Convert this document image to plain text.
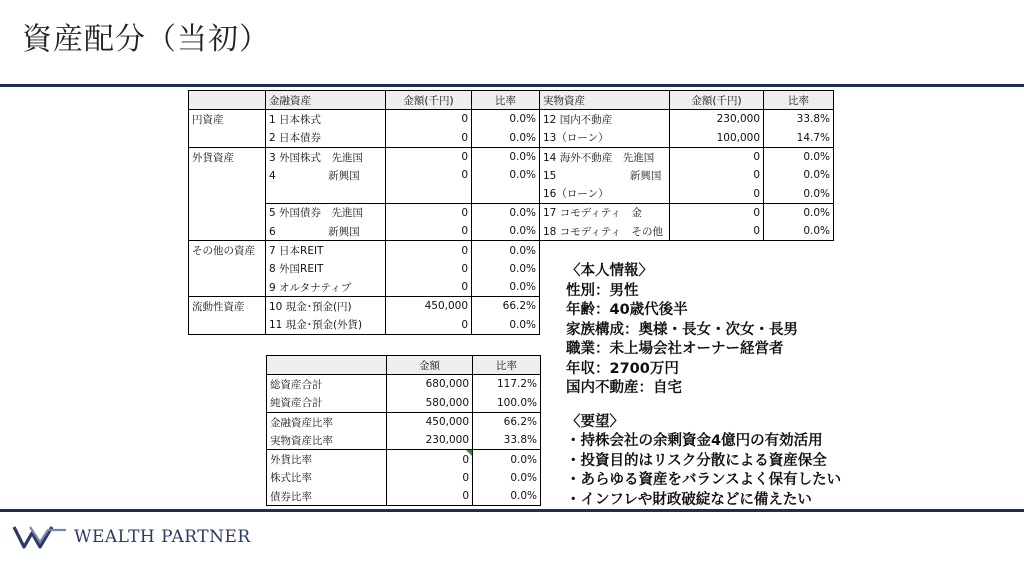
資産配分（当初）
	金融資産	金額(千円)	比率	実物資産	金額(千円)	比率
円資産	1 日本株式	0	0.0%	12 国内不動産	230,000	33.8%
	2 日本債券	0	0.0%	13（ローン）	100,000	14.7%
外貨資産	3 外国株式　先進国	0	0.0%	14 海外不動産　先進国	0	0.0%
	4　　　　　新興国	0	0.0%	15　　　　　　　新興国	0	0.0%
				16（ローン）	0	0.0%
	5 外国債券　先進国	0	0.0%	17 コモディティ　金	0	0.0%
	6　　　　　新興国	0	0.0%	18 コモディティ　その他	0	0.0%
その他の資産	7 日本REIT	0	0.0%			
	8 外国REIT	0	0.0%			
	9 オルタナティブ	0	0.0%			
流動性資産	10 現金･預金(円)	450,000	66.2%			
	11 現金･預金(外貨)	0	0.0%			
	金額	比率
総資産合計	680,000	117.2%
純資産合計	580,000	100.0%
金融資産比率	450,000	66.2%
実物資産比率	230,000	33.8%
外貨比率	0	0.0%
株式比率	0	0.0%
債券比率	0	0.0%
〈本人情報〉
性別：男性
年齢：40歳代後半
家族構成：奥様・長女・次女・長男
職業：未上場会社オーナー経営者
年収：2700万円
国内不動産：自宅
〈要望〉
・持株会社の余剰資金4億円の有効活用
・投資目的はリスク分散による資産保全
・あらゆる資産をバランスよく保有したい
・インフレや財政破綻などに備えたい
WEALTH PARTNER
